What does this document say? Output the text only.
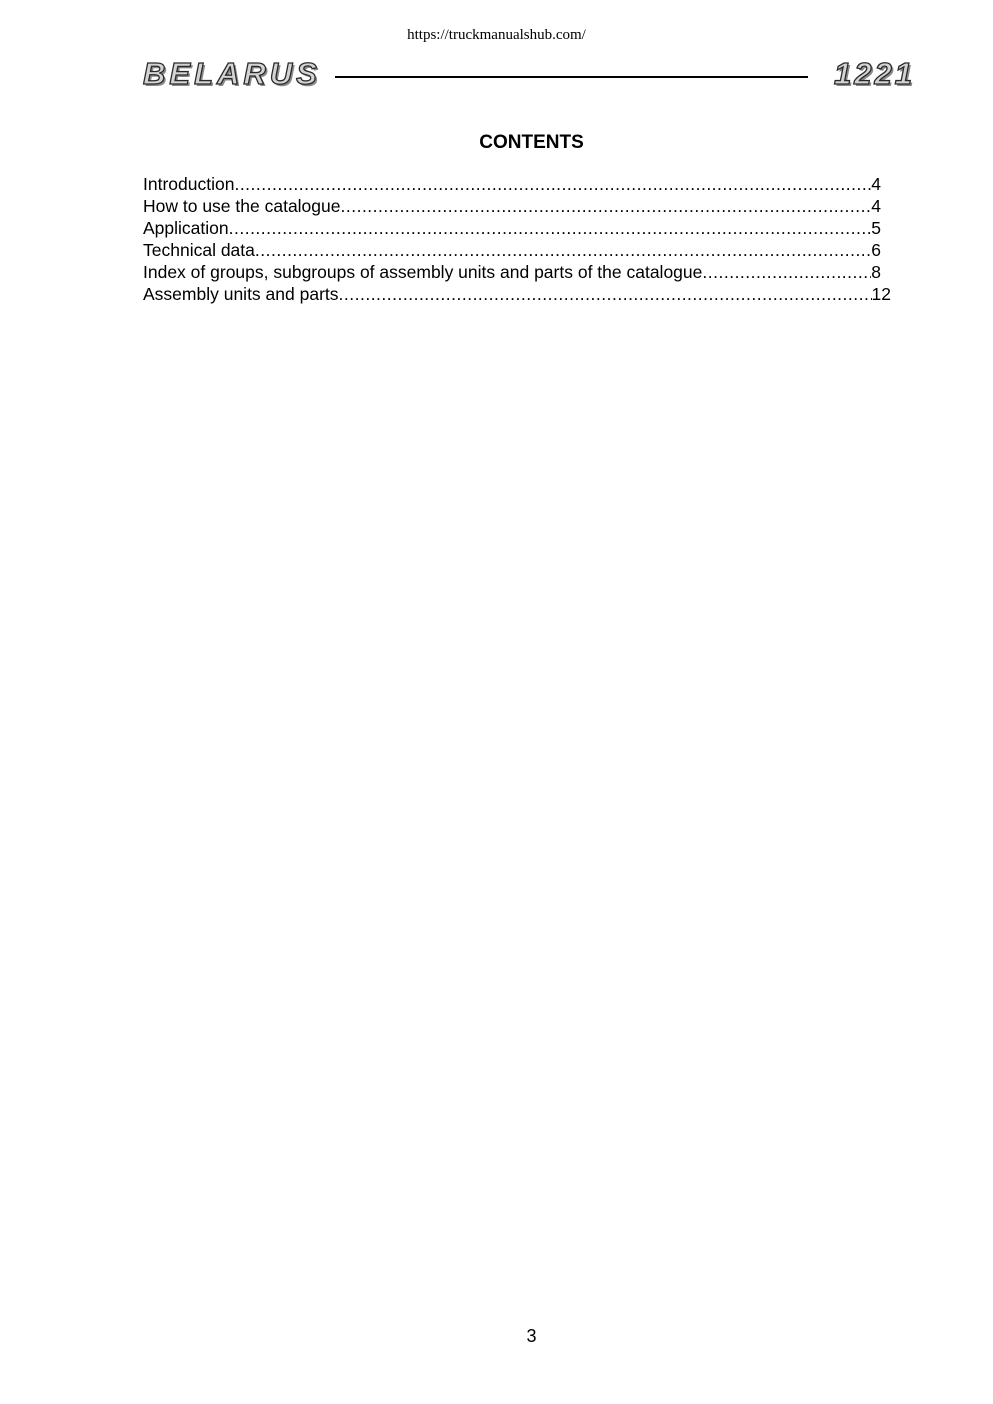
https://truckmanualshub.com/
BELARUS	1221
CONTENTS
Introduction .....	4
How to use the catalogue .....	4
Application .....	5
Technical data .....	6
Index of groups, subgroups of assembly units and parts of the catalogue .....	8
Assembly units and parts .....	12
3
